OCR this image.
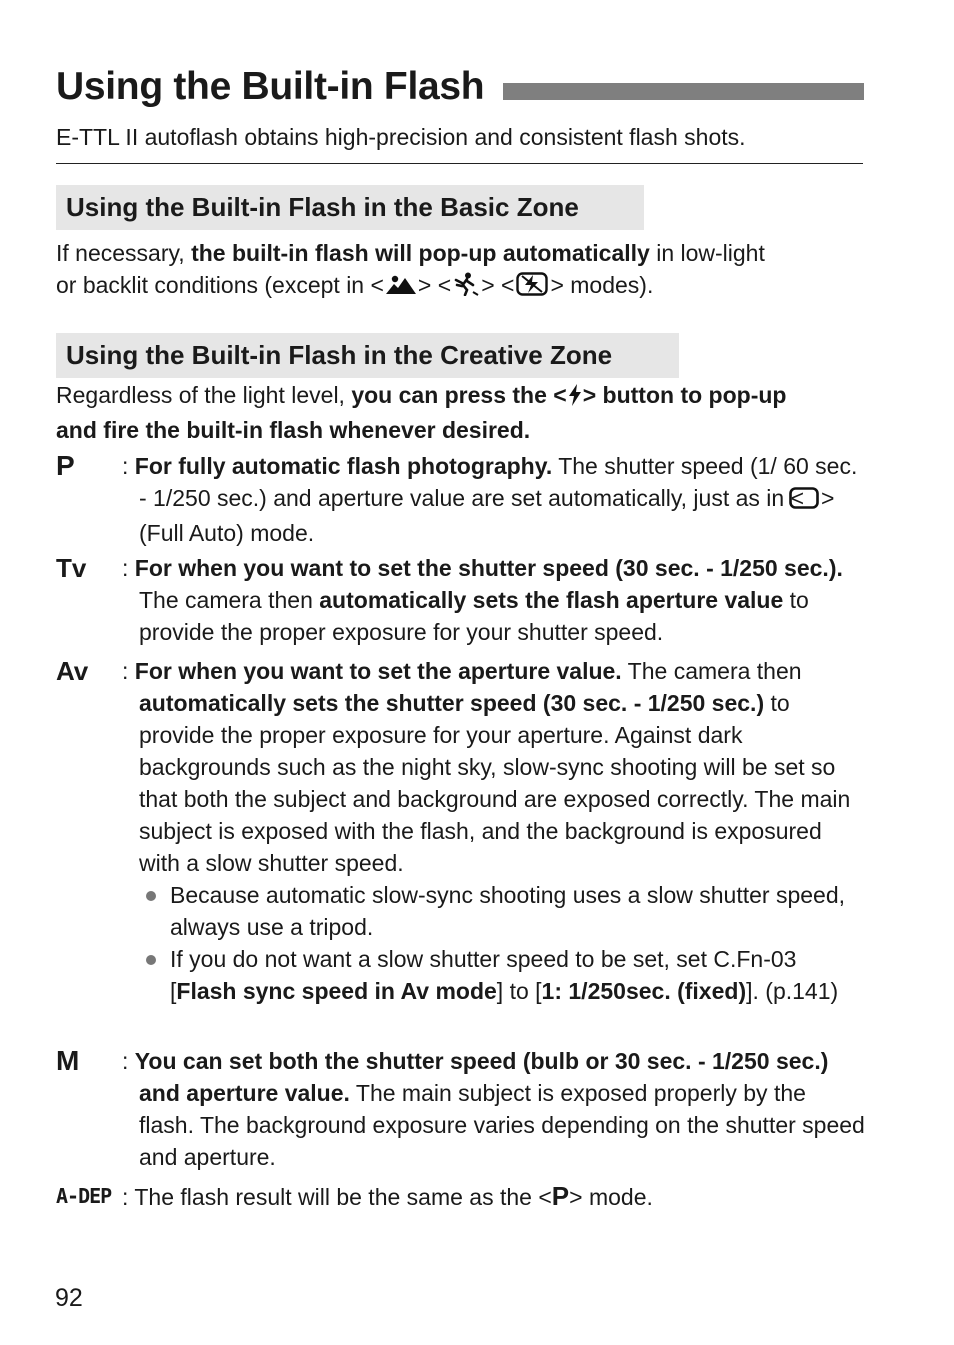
Using the Built-in Flash
E-TTL II autoflash obtains high-precision and consistent flash shots.
Using the Built-in Flash in the Basic Zone
If necessary, the built-in flash will pop-up automatically in low-light
or backlit conditions (except in < > < > < > modes).
Using the Built-in Flash in the Creative Zone
Regardless of the light level, you can press the < > button to pop-up
and fire the built-in flash whenever desired.
P : For fully automatic flash photography. The shutter speed (1/ 60 sec. - 1/250 sec.) and aperture value are set automatically, just as in < > (Full Auto) mode.
Tv : For when you want to set the shutter speed (30 sec. - 1/250 sec.). The camera then automatically sets the flash aperture value to provide the proper exposure for your shutter speed.
Av : For when you want to set the aperture value. The camera then automatically sets the shutter speed (30 sec. - 1/250 sec.) to provide the proper exposure for your aperture. Against dark backgrounds such as the night sky, slow-sync shooting will be set so that both the subject and background are exposed correctly. The main subject is exposed with the flash, and the background is exposured with a slow shutter speed.
Because automatic slow-sync shooting uses a slow shutter speed, always use a tripod.
If you do not want a slow shutter speed to be set, set C.Fn-03 [Flash sync speed in Av mode] to [1: 1/250sec. (fixed)]. (p.141)
M : You can set both the shutter speed (bulb or 30 sec. - 1/250 sec.) and aperture value. The main subject is exposed properly by the flash. The background exposure varies depending on the shutter speed and aperture.
A-DEP : The flash result will be the same as the <P> mode.
92
